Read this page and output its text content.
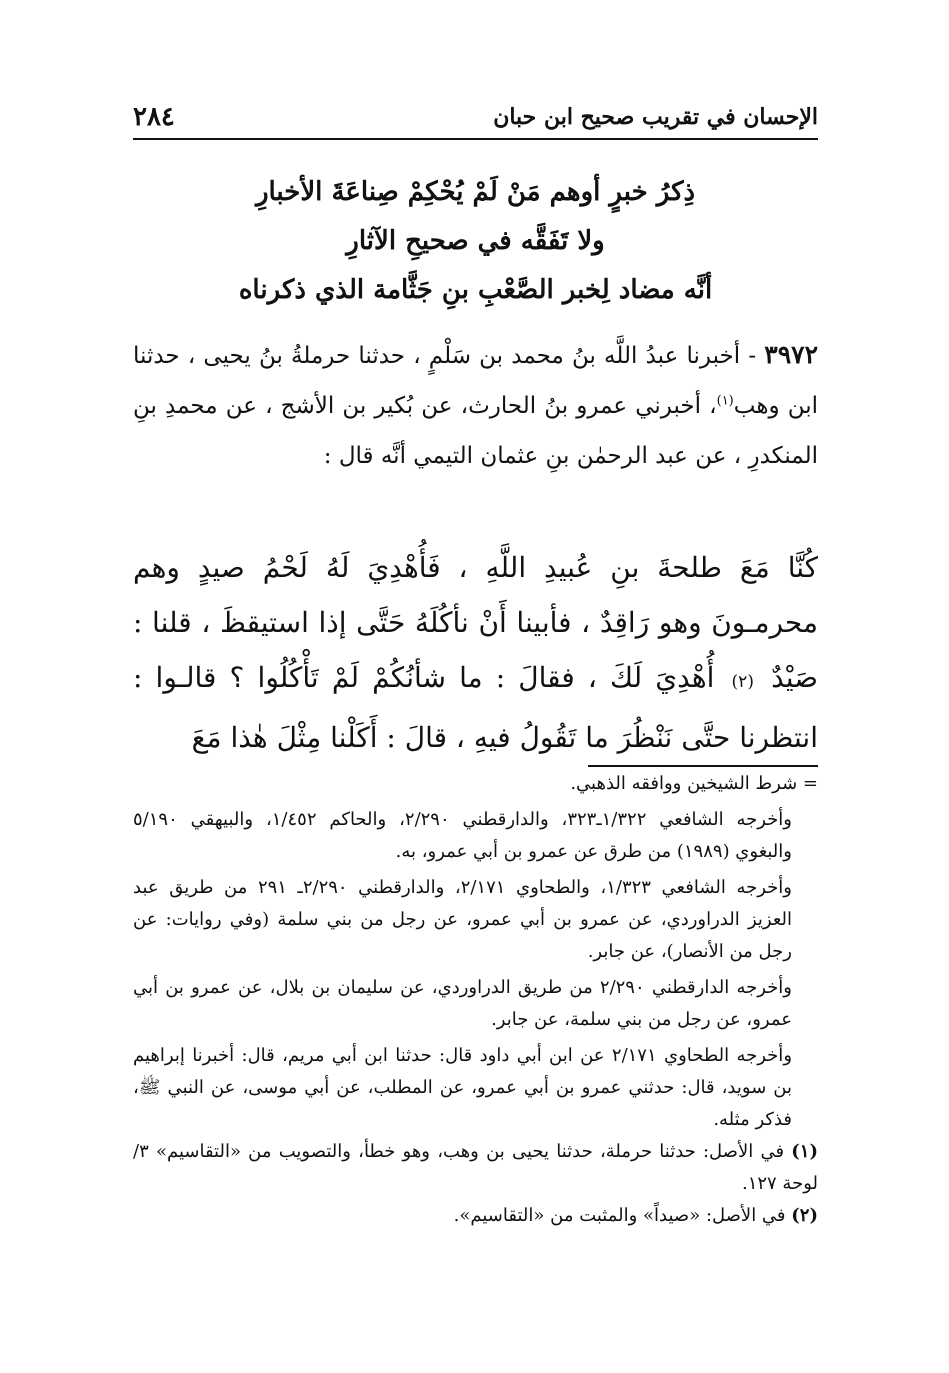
٢٨٤	الإحسان في تقريب صحيح ابن حبان
ذِكرُ خبرٍ أوهم مَنْ لَمْ يُحْكِمْ صِناعَةَ الأخبارِ
ولا تَفَقَّه في صحيحِ الآثارِ
أنَّه مضاد لِخبر الصَّعْبِ بنِ جَثَّامة الذي ذكرناه
٣٩٧٢ - أخبرنا عبدُ اللَّه بنُ محمد بن سَلْمٍ ، حدثنا حرملةُ بنُ يحيى ، حدثنا ابن وهب$^{(١)}$، أخبرني عمرو بنُ الحارث، عن بُكير بن الأشج ، عن محمدِ بنِ المنكدرِ ، عن عبد الرحمٰن بنِ عثمان التيمي أنَّه قال :
كُنَّا مَعَ طلحةَ بنِ عُبيدِ اللَّهِ ، فَأُهْدِيَ لَهُ لَحْمُ صيدٍ وهم محرمـونَ وهو رَاقِدٌ ، فأبينا أَنْ نأكُلَهُ حَتَّى إذا استيقظَ ، قلنا : صَيْدٌ (٢) أُهْدِيَ لَكَ ، فقالَ : ما شأنُكُمْ لَمْ تَأْكُلُوا ؟ قالـوا : انتظرنا حتَّى نَنْظُرَ ما تَقُولُ فيهِ ، قالَ : أَكَلْنا مِثْلَ هٰذا مَعَ

= شرط الشيخين ووافقه الذهبي.

وأخرجه الشافعي ١/٣٢٢ـ٣٢٣، والدارقطني ٢/٢٩٠، والحاكم ١/٤٥٢، والبيهقي ٥/١٩٠ والبغوي (١٩٨٩) من طرق عن عمرو بن أبي عمرو، به.

وأخرجه الشافعي ١/٣٢٣، والطحاوي ٢/١٧١، والدارقطني ٢/٢٩٠ـ ٢٩١ من طريق عبد العزيز الدراوردي، عن عمرو بن أبي عمرو، عن رجل من بني سلمة (وفي روايات: عن رجل من الأنصار)، عن جابر.

وأخرجه الدارقطني ٢/٢٩٠ من طريق الدراوردي، عن سليمان بن بلال، عن عمرو بن أبي عمرو، عن رجل من بني سلمة، عن جابر.

وأخرجه الطحاوي ٢/١٧١ عن ابن أبي داود قال: حدثنا ابن أبي مريم، قال: أخبرنا إبراهيم بن سويد، قال: حدثني عمرو بن أبي عمرو، عن المطلب، عن أبي موسى، عن النبي ﷺ، فذكر مثله.

(١) في الأصل: حدثنا حرملة، حدثنا يحيى بن وهب، وهو خطأ، والتصويب من «التقاسيم» ٣/لوحة ١٢٧.

(٢) في الأصل: «صيداً» والمثبت من «التقاسيم».
